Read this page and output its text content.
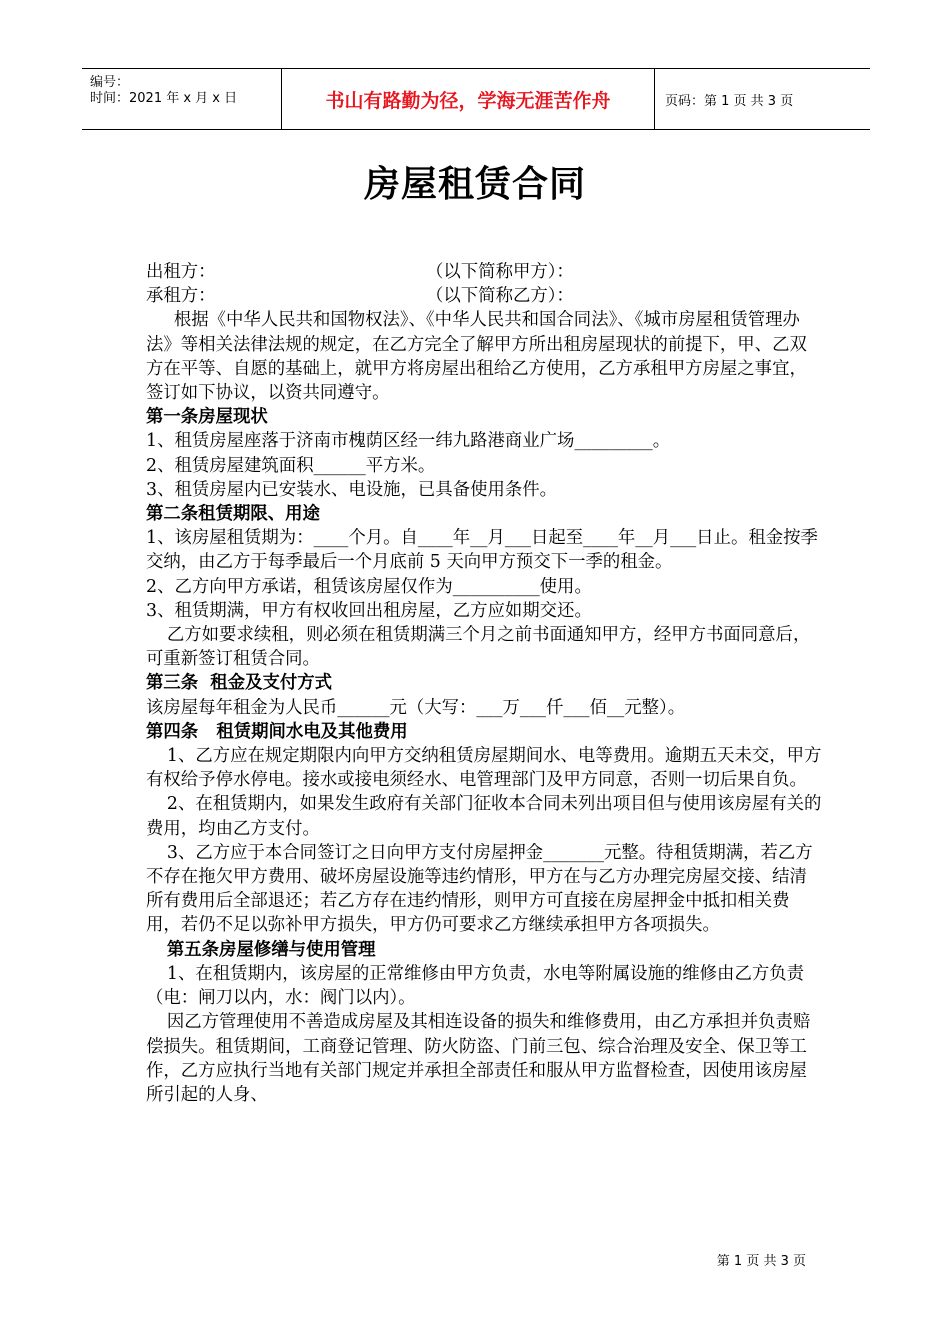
编号：
时间：2021 年 x 月 x 日	书山有路勤为径，学海无涯苦作舟	页码：第 1 页 共 3 页
房屋租赁合同
出租方：	（以下简称甲方）：
承租方：	（以下简称乙方）：

根据《中华人民共和国物权法》、《中华人民共和国合同法》、《城市房屋租赁管理办法》等相关法律法规的规定，在乙方完全了解甲方所出租房屋现状的前提下，甲、乙双方在平等、自愿的基础上，就甲方将房屋出租给乙方使用，乙方承租甲方房屋之事宜，签订如下协议，以资共同遵守。

第一条房屋现状

1、租赁房屋座落于济南市槐荫区经一纬九路港商业广场_________。

2、租赁房屋建筑面积______平方米。

3、租赁房屋内已安装水、电设施，已具备使用条件。

第二条租赁期限、用途

1、该房屋租赁期为：____个月。自____年__月___日起至____年__月___日止。租金按季交纳，由乙方于每季最后一个月底前 5 天向甲方预交下一季的租金。

2、乙方向甲方承诺，租赁该房屋仅作为__________使用。

3、租赁期满，甲方有权收回出租房屋，乙方应如期交还。

乙方如要求续租，则必须在租赁期满三个月之前书面通知甲方，经甲方书面同意后，可重新签订租赁合同。

第三条  租金及支付方式

该房屋每年租金为人民币______元（大写：___万___仟___佰__元整）。

第四条   租赁期间水电及其他费用

1、乙方应在规定期限内向甲方交纳租赁房屋期间水、电等费用。逾期五天未交，甲方有权给予停水停电。接水或接电须经水、电管理部门及甲方同意，否则一切后果自负。

2、在租赁期内，如果发生政府有关部门征收本合同未列出项目但与使用该房屋有关的费用，均由乙方支付。

3、乙方应于本合同签订之日向甲方支付房屋押金_______元整。待租赁期满，若乙方不存在拖欠甲方费用、破坏房屋设施等违约情形，甲方在与乙方办理完房屋交接、结清所有费用后全部退还；若乙方存在违约情形，则甲方可直接在房屋押金中抵扣相关费用，若仍不足以弥补甲方损失，甲方仍可要求乙方继续承担甲方各项损失。

第五条房屋修缮与使用管理

1、在租赁期内，该房屋的正常维修由甲方负责，水电等附属设施的维修由乙方负责（电：闸刀以内，水：阀门以内）。

因乙方管理使用不善造成房屋及其相连设备的损失和维修费用，由乙方承担并负责赔偿损失。租赁期间，工商登记管理、防火防盗、门前三包、综合治理及安全、保卫等工作，乙方应执行当地有关部门规定并承担全部责任和服从甲方监督检查，因使用该房屋所引起的人身、

第 1 页 共 3 页
